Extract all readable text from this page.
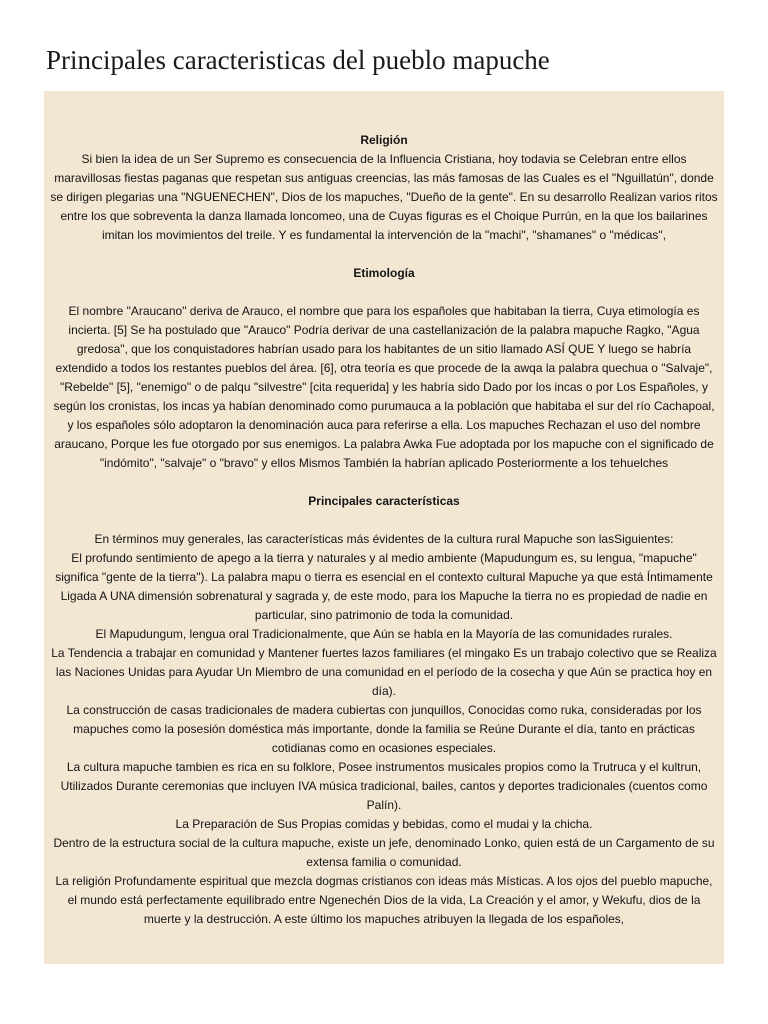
Principales caracteristicas del pueblo mapuche

Religión

Si bien la idea de un Ser Supremo es consecuencia de la Influencia Cristiana, hoy todavia se Celebran entre ellos maravillosas fiestas paganas que respetan sus antiguas creencias, las más famosas de las Cuales es el "Nguillatún", donde se dirigen plegarias una "NGUENECHEN", Dios de los mapuches, "Dueño de la gente". En su desarrollo Realizan varios ritos entre los que sobreventa la danza llamada loncomeo, una de Cuyas figuras es el Choique Purrún, en la que los bailarines imitan los movimientos del treile. Y es fundamental la intervención de la "machi", "shamanes" o "médicas",

Etimología

El nombre "Araucano" deriva de Arauco, el nombre que para los españoles que habitaban la tierra, Cuya etimología es incierta. [5] Se ha postulado que "Arauco" Podría derivar de una castellanización de la palabra mapuche Ragko, "Agua gredosa", que los conquistadores habrían usado para los habitantes de un sitio llamado ASÍ QUE Y luego se habría extendido a todos los restantes pueblos del área. [6], otra teoría es que procede de la awqa la palabra quechua o "Salvaje", "Rebelde" [5], "enemigo" o de palqu "silvestre" [cita requerida] y les habría sido Dado por los incas o por Los Españoles, y según los cronistas, los incas ya habían denominado como purumauca a la población que habitaba el sur del río Cachapoal, y los españoles sólo adoptaron la denominación auca para referirse a ella. Los mapuches Rechazan el uso del nombre araucano, Porque les fue otorgado por sus enemigos. La palabra Awka Fue adoptada por los mapuche con el significado de "indómito", "salvaje" o "bravo" y ellos Mismos También la habrían aplicado Posteriormente a los tehuelches

Principales características

En términos muy generales, las características más évidentes de la cultura rural Mapuche son lasSiguientes:

El profundo sentimiento de apego a la tierra y naturales y al medio ambiente (Mapudungum es, su lengua, "mapuche" significa "gente de la tierra"). La palabra mapu o tierra es esencial en el contexto cultural Mapuche ya que está Íntimamente Ligada A UNA dimensión sobrenatural y sagrada y, de este modo, para los Mapuche la tierra no es propiedad de nadie en particular, sino patrimonio de toda la comunidad.

El Mapudungum, lengua oral Tradicionalmente, que Aún se habla en la Mayoría de las comunidades rurales.

La Tendencia a trabajar en comunidad y Mantener fuertes lazos familiares (el mingako Es un trabajo colectivo que se Realiza las Naciones Unidas para Ayudar Un Miembro de una comunidad en el período de la cosecha y que Aún se practica hoy en día).

La construcción de casas tradicionales de madera cubiertas con junquillos, Conocidas como ruka, consideradas por los mapuches como la posesión doméstica más importante, donde la familia se Reúne Durante el día, tanto en prácticas cotidianas como en ocasiones especiales.

La cultura mapuche tambien es rica en su folklore, Posee instrumentos musicales propios como la Trutruca y el kultrun, Utilizados Durante ceremonias que incluyen IVA música tradicional, bailes, cantos y deportes tradicionales (cuentos como Palín).

La Preparación de Sus Propias comidas y bebidas, como el mudai y la chicha.

Dentro de la estructura social de la cultura mapuche, existe un jefe, denominado Lonko, quien está de un Cargamento de su extensa familia o comunidad.

La religión Profundamente espiritual que mezcla dogmas cristianos con ideas más Místicas. A los ojos del pueblo mapuche, el mundo está perfectamente equilibrado entre Ngenechén Dios de la vida, La Creación y el amor, y Wekufu, dios de la muerte y la destrucción. A este último los mapuches atribuyen la llegada de los españoles,
